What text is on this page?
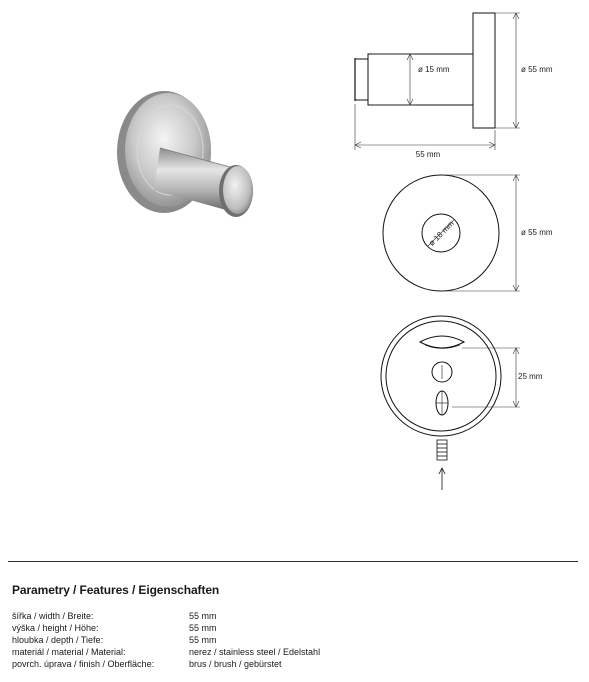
ø 15 mm	ø 55 mm
55 mm
ø 18 mm	ø 55 mm
25 mm
Parametry / Features / Eigenschaften
šířka / width / Breite:	55 mm
výška / height / Höhe:	55 mm
hloubka / depth / Tiefe:	55 mm
materiál / material / Material:	nerez / stainless steel / Edelstahl
povrch. úprava / finish / Oberfläche:	brus / brush / gebürstet
